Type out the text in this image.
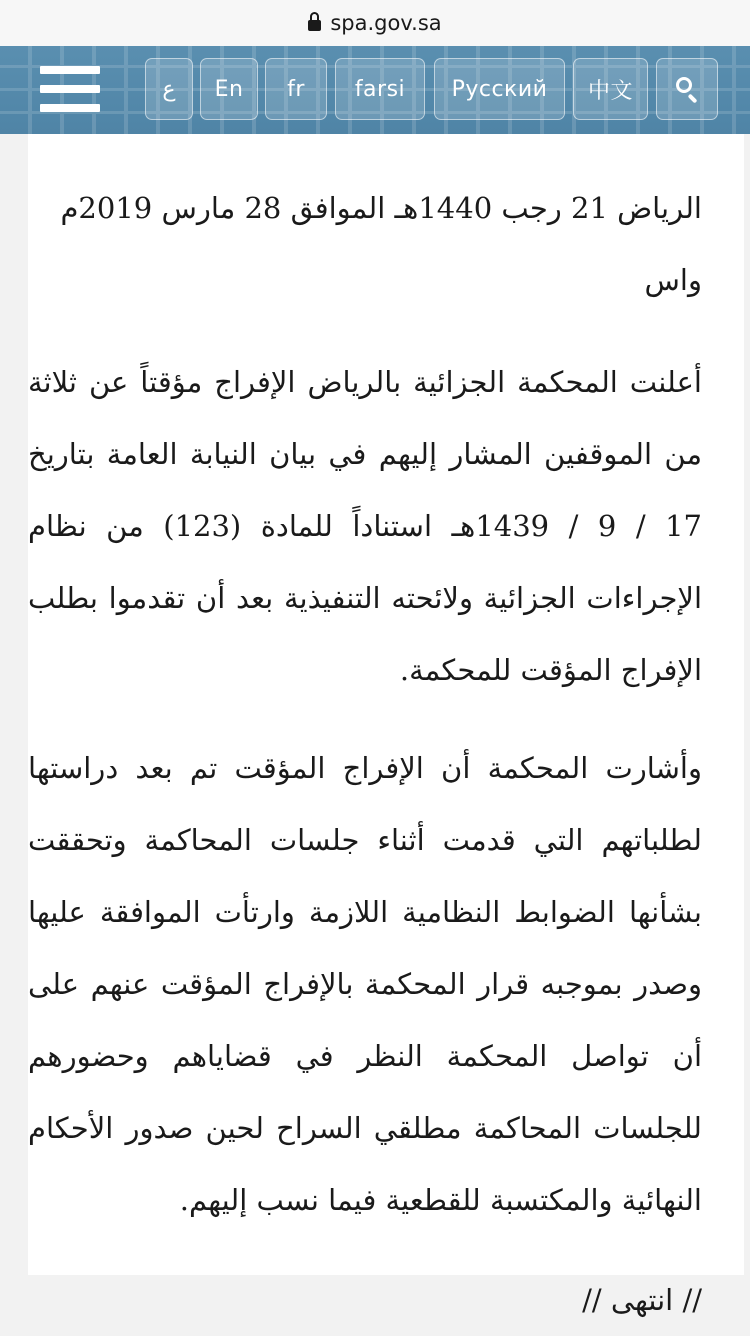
spa.gov.sa
ع En fr farsi Русский 中文

الرياض 21 رجب 1440هـ الموافق 28 مارس 2019م

واس

أعلنت المحكمة الجزائية بالرياض الإفراج مؤقتاً عن ثلاثة من الموقفين المشار إليهم في بيان النيابة العامة بتاريخ 17 / 9 / 1439هـ استناداً للمادة (123) من نظام الإجراءات الجزائية ولائحته التنفيذية بعد أن تقدموا بطلب الإفراج المؤقت للمحكمة.

وأشارت المحكمة أن الإفراج المؤقت تم بعد دراستها لطلباتهم التي قدمت أثناء جلسات المحاكمة وتحققت بشأنها الضوابط النظامية اللازمة وارتأت الموافقة عليها وصدر بموجبه قرار المحكمة بالإفراج المؤقت عنهم على أن تواصل المحكمة النظر في قضاياهم وحضورهم للجلسات المحاكمة مطلقي السراح لحين صدور الأحكام النهائية والمكتسبة للقطعية فيما نسب إليهم.

// انتهى //
